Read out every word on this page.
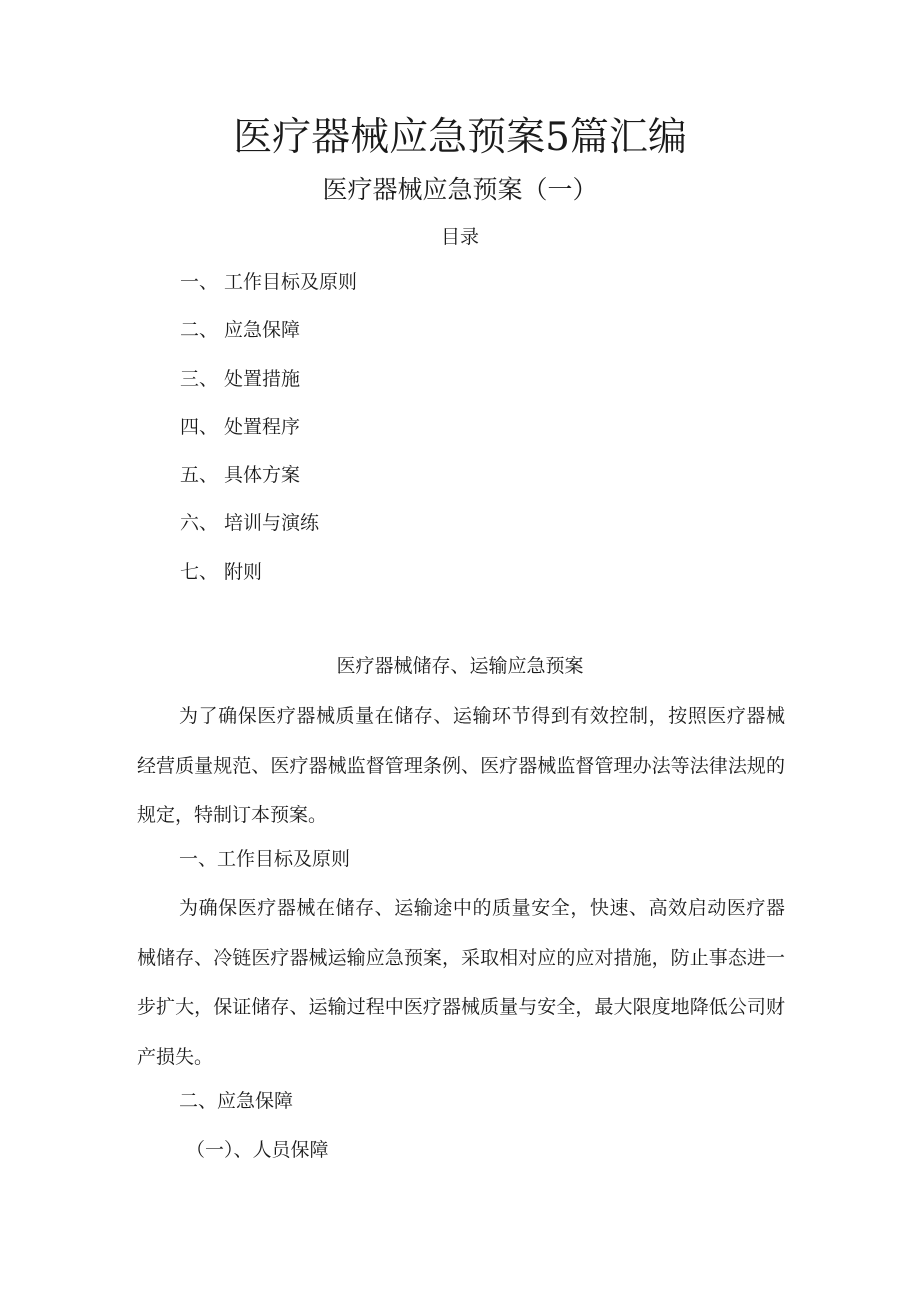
医疗器械应急预案5篇汇编
医疗器械应急预案（一）
目录
一、 工作目标及原则
二、 应急保障
三、 处置措施
四、 处置程序
五、 具体方案
六、 培训与演练
七、 附则
医疗器械储存、运输应急预案

为了确保医疗器械质量在储存、运输环节得到有效控制，按照医疗器械经营质量规范、医疗器械监督管理条例、医疗器械监督管理办法等法律法规的规定，特制订本预案。

一、工作目标及原则

为确保医疗器械在储存、运输途中的质量安全，快速、高效启动医疗器械储存、冷链医疗器械运输应急预案，采取相对应的应对措施，防止事态进一步扩大，保证储存、运输过程中医疗器械质量与安全，最大限度地降低公司财产损失。

二、应急保障

（一）、人员保障
